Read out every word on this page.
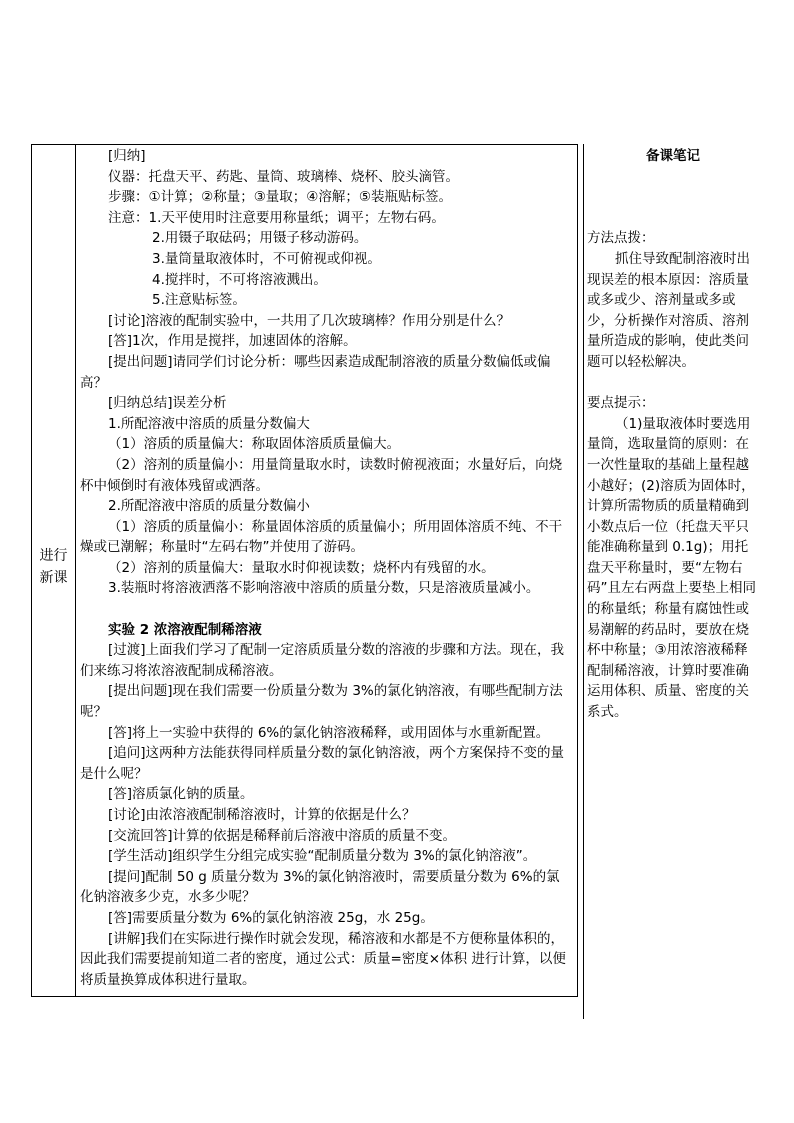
进行
新课

[归纳]

仪器：托盘天平、药匙、量筒、玻璃棒、烧杯、胶头滴管。

步骤：①计算；②称量；③量取；④溶解；⑤装瓶贴标签。

注意：1.天平使用时注意要用称量纸；调平；左物右码。

2.用镊子取砝码；用镊子移动游码。

3.量筒量取液体时，不可俯视或仰视。

4.搅拌时，不可将溶液溅出。

5.注意贴标签。

[讨论]溶液的配制实验中，一共用了几次玻璃棒？作用分别是什么？

[答]1次，作用是搅拌，加速固体的溶解。

[提出问题]请同学们讨论分析：哪些因素造成配制溶液的质量分数偏低或偏高？

[归纳总结]误差分析

1.所配溶液中溶质的质量分数偏大

（1）溶质的质量偏大：称取固体溶质质量偏大。

（2）溶剂的质量偏小：用量筒量取水时，读数时俯视液面；水量好后，向烧杯中倾倒时有液体残留或洒落。

2.所配溶液中溶质的质量分数偏小

（1）溶质的质量偏小：称量固体溶质的质量偏小；所用固体溶质不纯、不干燥或已潮解；称量时“左码右物”并使用了游码。

（2）溶剂的质量偏大：量取水时仰视读数；烧杯内有残留的水。

3.装瓶时将溶液洒落不影响溶液中溶质的质量分数，只是溶液质量减小。

实验 2 浓溶液配制稀溶液

[过渡]上面我们学习了配制一定溶质质量分数的溶液的步骤和方法。现在，我们来练习将浓溶液配制成稀溶液。

[提出问题]现在我们需要一份质量分数为 3%的氯化钠溶液，有哪些配制方法呢？

[答]将上一实验中获得的 6%的氯化钠溶液稀释，或用固体与水重新配置。

[追问]这两种方法能获得同样质量分数的氯化钠溶液，两个方案保持不变的量是什么呢？

[答]溶质氯化钠的质量。

[讨论]由浓溶液配制稀溶液时，计算的依据是什么？

[交流回答]计算的依据是稀释前后溶液中溶质的质量不变。

[学生活动]组织学生分组完成实验“配制质量分数为 3%的氯化钠溶液”。

[提问]配制 50 g 质量分数为 3%的氯化钠溶液时，需要质量分数为 6%的氯化钠溶液多少克，水多少呢？

[答]需要质量分数为 6%的氯化钠溶液 25g，水 25g。

[讲解]我们在实际进行操作时就会发现，稀溶液和水都是不方便称量体积的，因此我们需要提前知道二者的密度，通过公式：质量=密度×体积 进行计算，以便将质量换算成体积进行量取。

备课笔记

方法点拨：

抓住导致配制溶液时出现误差的根本原因：溶质量或多或少、溶剂量或多或少，分析操作对溶质、溶剂量所造成的影响，使此类问题可以轻松解决。

要点提示：

（1)量取液体时要选用量筒，选取量筒的原则：在一次性量取的基础上量程越小越好；(2)溶质为固体时，计算所需物质的质量精确到小数点后一位（托盘天平只能准确称量到 0.1g)；用托盘天平称量时，要“左物右码”且左右两盘上要垫上相同的称量纸；称量有腐蚀性或易潮解的药品时，要放在烧杯中称量；③用浓溶液稀释配制稀溶液，计算时要准确运用体积、质量、密度的关系式。
